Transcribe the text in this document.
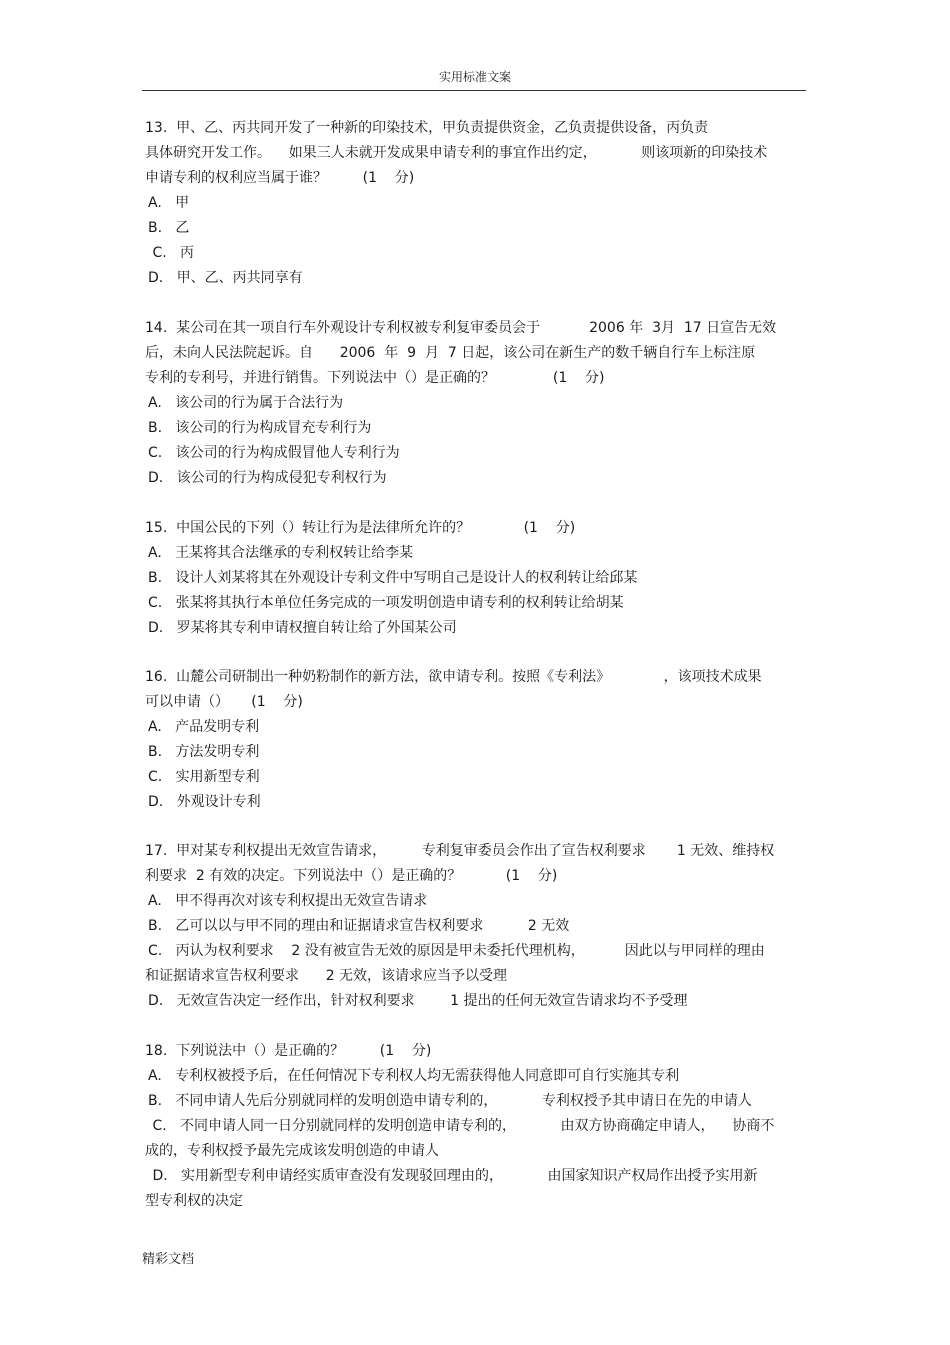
实用标准文案
13.  甲、乙、丙共同开发了一种新的印染技术，甲负责提供资金，乙负责提供设备，丙负责
具体研究开发工作。    如果三人未就开发成果申请专利的事宜作出约定，          则该项新的印染技术
申请专利的权利应当属于谁？        (1    分)
A.   甲
B.   乙
C.   丙
D.   甲、乙、丙共同享有
14.  某公司在其一项自行车外观设计专利权被专利复审委员会于           2006 年  3月  17 日宣告无效
后，未向人民法院起诉。自      2006  年  9  月  7 日起，该公司在新生产的数千辆自行车上标注原
专利的专利号，并进行销售。下列说法中（）是正确的？             (1    分)
A.   该公司的行为属于合法行为
B.   该公司的行为构成冒充专利行为
C.   该公司的行为构成假冒他人专利行为
D.   该公司的行为构成侵犯专利权行为
15.  中国公民的下列（）转让行为是法律所允许的？            (1    分)
A.   王某将其合法继承的专利权转让给李某
B.   设计人刘某将其在外观设计专利文件中写明自己是设计人的权利转让给邱某
C.   张某将其执行本单位任务完成的一项发明创造申请专利的权利转让给胡某
D.   罗某将其专利申请权擅自转让给了外国某公司
16.  山麓公司研制出一种奶粉制作的新方法，欲申请专利。按照《专利法》            ，该项技术成果
可以申请（）     (1    分)
A.   产品发明专利
B.   方法发明专利
C.   实用新型专利
D.   外观设计专利
17.  甲对某专利权提出无效宣告请求，        专利复审委员会作出了宣告权利要求       1 无效、维持权
利要求  2 有效的决定。下列说法中（）是正确的？          (1    分)
A.   甲不得再次对该专利权提出无效宣告请求
B.   乙可以以与甲不同的理由和证据请求宣告权利要求          2 无效
C.   丙认为权利要求    2 没有被宣告无效的原因是甲未委托代理机构，         因此以与甲同样的理由
和证据请求宣告权利要求      2 无效，该请求应当予以受理
D.   无效宣告决定一经作出，针对权利要求        1 提出的任何无效宣告请求均不予受理
18.  下列说法中（）是正确的？        (1    分)
A.   专利权被授予后，在任何情况下专利权人均无需获得他人同意即可自行实施其专利
B.   不同申请人先后分别就同样的发明创造申请专利的，          专利权授予其申请日在先的申请人
C.   不同申请人同一日分别就同样的发明创造申请专利的，          由双方协商确定申请人，    协商不
成的，专利权授予最先完成该发明创造的申请人
D.   实用新型专利申请经实质审查没有发现驳回理由的，          由国家知识产权局作出授予实用新
型专利权的决定
精彩文档
